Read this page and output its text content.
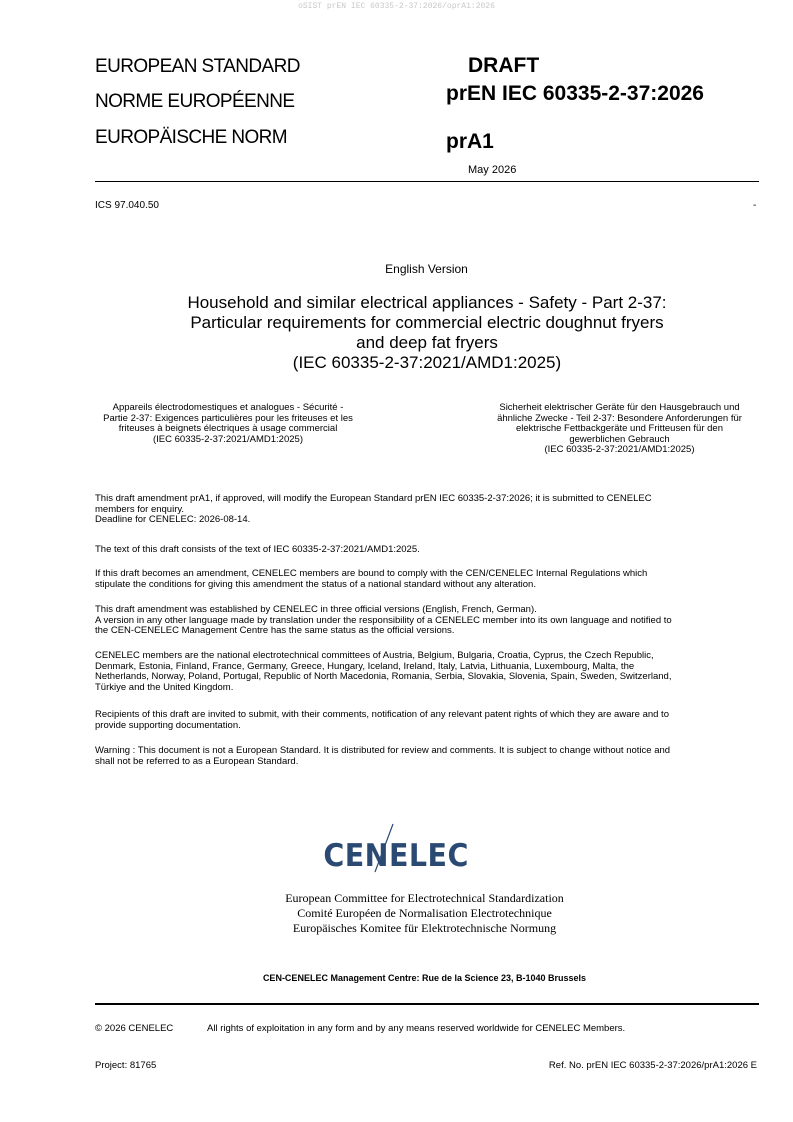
oSIST prEN IEC 60335-2-37:2026/oprA1:2026
EUROPEAN STANDARD
NORME EUROPÉENNE
EUROPÄISCHE NORM
DRAFT
prEN IEC 60335-2-37:2026
prA1
May 2026
ICS 97.040.50	-
English Version
Household and similar electrical appliances - Safety - Part 2-37:
Particular requirements for commercial electric doughnut fryers
and deep fat fryers
(IEC 60335-2-37:2021/AMD1:2025)
Appareils électrodomestiques et analogues - Sécurité -
Partie 2-37: Exigences particulières pour les friteuses et les
friteuses à beignets électriques à usage commercial
(IEC 60335-2-37:2021/AMD1:2025)
Sicherheit elektrischer Geräte für den Hausgebrauch und
ähnliche Zwecke - Teil 2-37: Besondere Anforderungen für
elektrische Fettbackgeräte und Fritteusen für den
gewerblichen Gebrauch
(IEC 60335-2-37:2021/AMD1:2025)

This draft amendment prA1, if approved, will modify the European Standard prEN IEC 60335-2-37:2026; it is submitted to CENELEC

members for enquiry.

Deadline for CENELEC: 2026-08-14.

The text of this draft consists of the text of IEC 60335-2-37:2021/AMD1:2025.

If this draft becomes an amendment, CENELEC members are bound to comply with the CEN/CENELEC Internal Regulations which

stipulate the conditions for giving this amendment the status of a national standard without any alteration.

This draft amendment was established by CENELEC in three official versions (English, French, German).

A version in any other language made by translation under the responsibility of a CENELEC member into its own language and notified to

the CEN-CENELEC Management Centre has the same status as the official versions.

CENELEC members are the national electrotechnical committees of Austria, Belgium, Bulgaria, Croatia, Cyprus, the Czech Republic,

Denmark, Estonia, Finland, France, Germany, Greece, Hungary, Iceland, Ireland, Italy, Latvia, Lithuania, Luxembourg, Malta, the

Netherlands, Norway, Poland, Portugal, Republic of North Macedonia, Romania, Serbia, Slovakia, Slovenia, Spain, Sweden, Switzerland,

Türkiye and the United Kingdom.

Recipients of this draft are invited to submit, with their comments, notification of any relevant patent rights of which they are aware and to

provide supporting documentation.

Warning : This document is not a European Standard. It is distributed for review and comments. It is subject to change without notice and

shall not be referred to as a European Standard.

CENELEC
European Committee for Electrotechnical Standardization
Comité Européen de Normalisation Electrotechnique
Europäisches Komitee für Elektrotechnische Normung
CEN-CENELEC Management Centre: Rue de la Science 23, B-1040 Brussels
© 2026 CENELEC	All rights of exploitation in any form and by any means reserved worldwide for CENELEC Members.
Project: 81765	Ref. No. prEN IEC 60335-2-37:2026/prA1:2026 E
